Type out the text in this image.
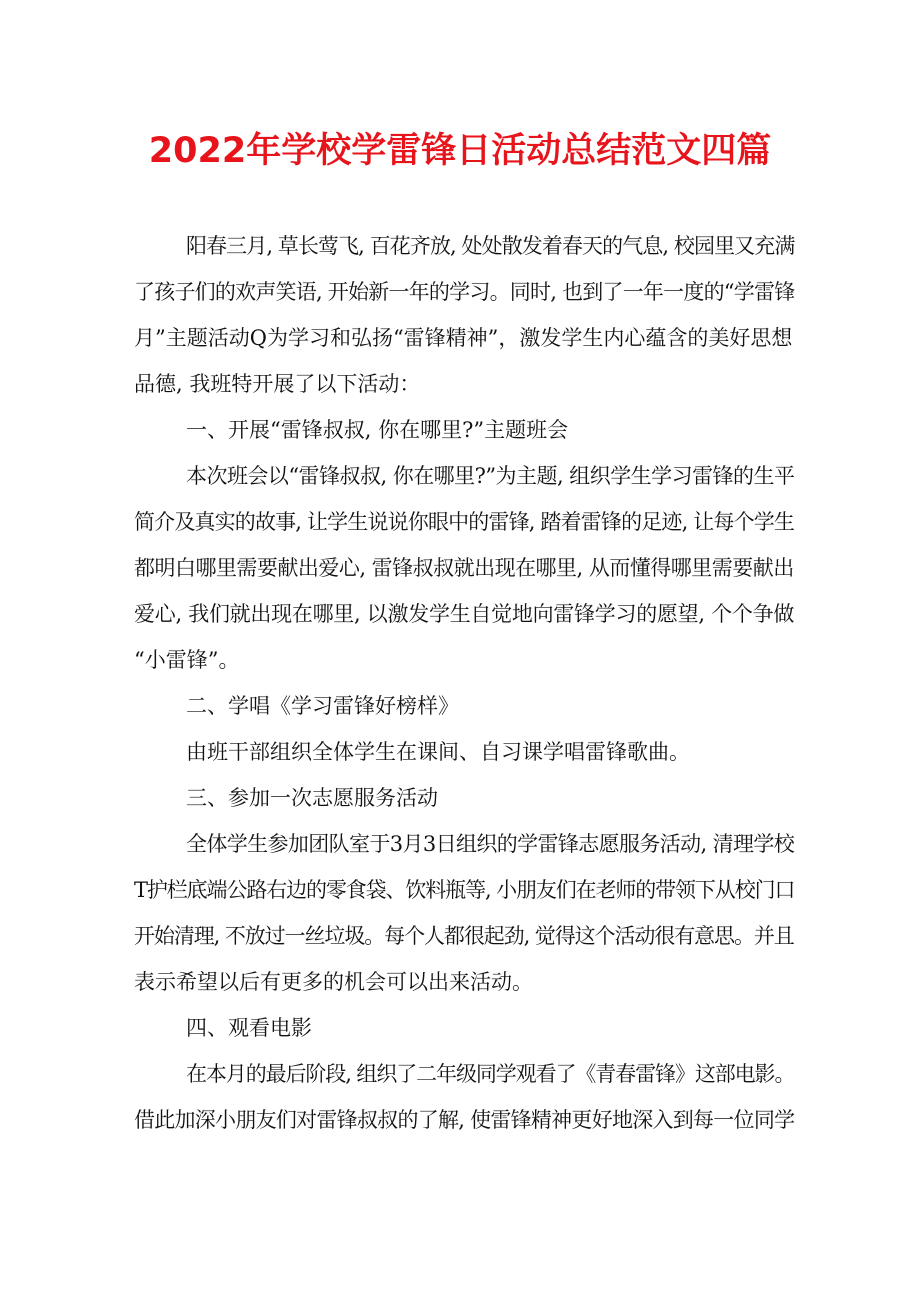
2022年学校学雷锋日活动总结范文四篇
阳春三月, 草长莺飞, 百花齐放, 处处散发着春天的气息, 校园里又充满
了孩子们的欢声笑语, 开始新一年的学习。同时, 也到了一年一度的“学雷锋
月”主题活动Q为学习和弘扬“雷锋精神”，激发学生内心蕴含的美好思想
品德, 我班特开展了以下活动：
一、开展“雷锋叔叔, 你在哪里?”主题班会
本次班会以“雷锋叔叔, 你在哪里?”为主题, 组织学生学习雷锋的生平
简介及真实的故事, 让学生说说你眼中的雷锋, 踏着雷锋的足迹, 让每个学生
都明白哪里需要献出爱心, 雷锋叔叔就出现在哪里, 从而懂得哪里需要献出
爱心, 我们就出现在哪里, 以激发学生自觉地向雷锋学习的愿望, 个个争做
“小雷锋”。
二、学唱《学习雷锋好榜样》
由班干部组织全体学生在课间、自习课学唱雷锋歌曲。
三、参加一次志愿服务活动
全体学生参加团队室于3月3日组织的学雷锋志愿服务活动, 清理学校
T护栏底端公路右边的零食袋、饮料瓶等, 小朋友们在老师的带领下从校门口
开始清理, 不放过一丝垃圾。每个人都很起劲, 觉得这个活动很有意思。并且
表示希望以后有更多的机会可以出来活动。
四、观看电影
在本月的最后阶段, 组织了二年级同学观看了《青春雷锋》这部电影。
借此加深小朋友们对雷锋叔叔的了解, 使雷锋精神更好地深入到每一位同学
